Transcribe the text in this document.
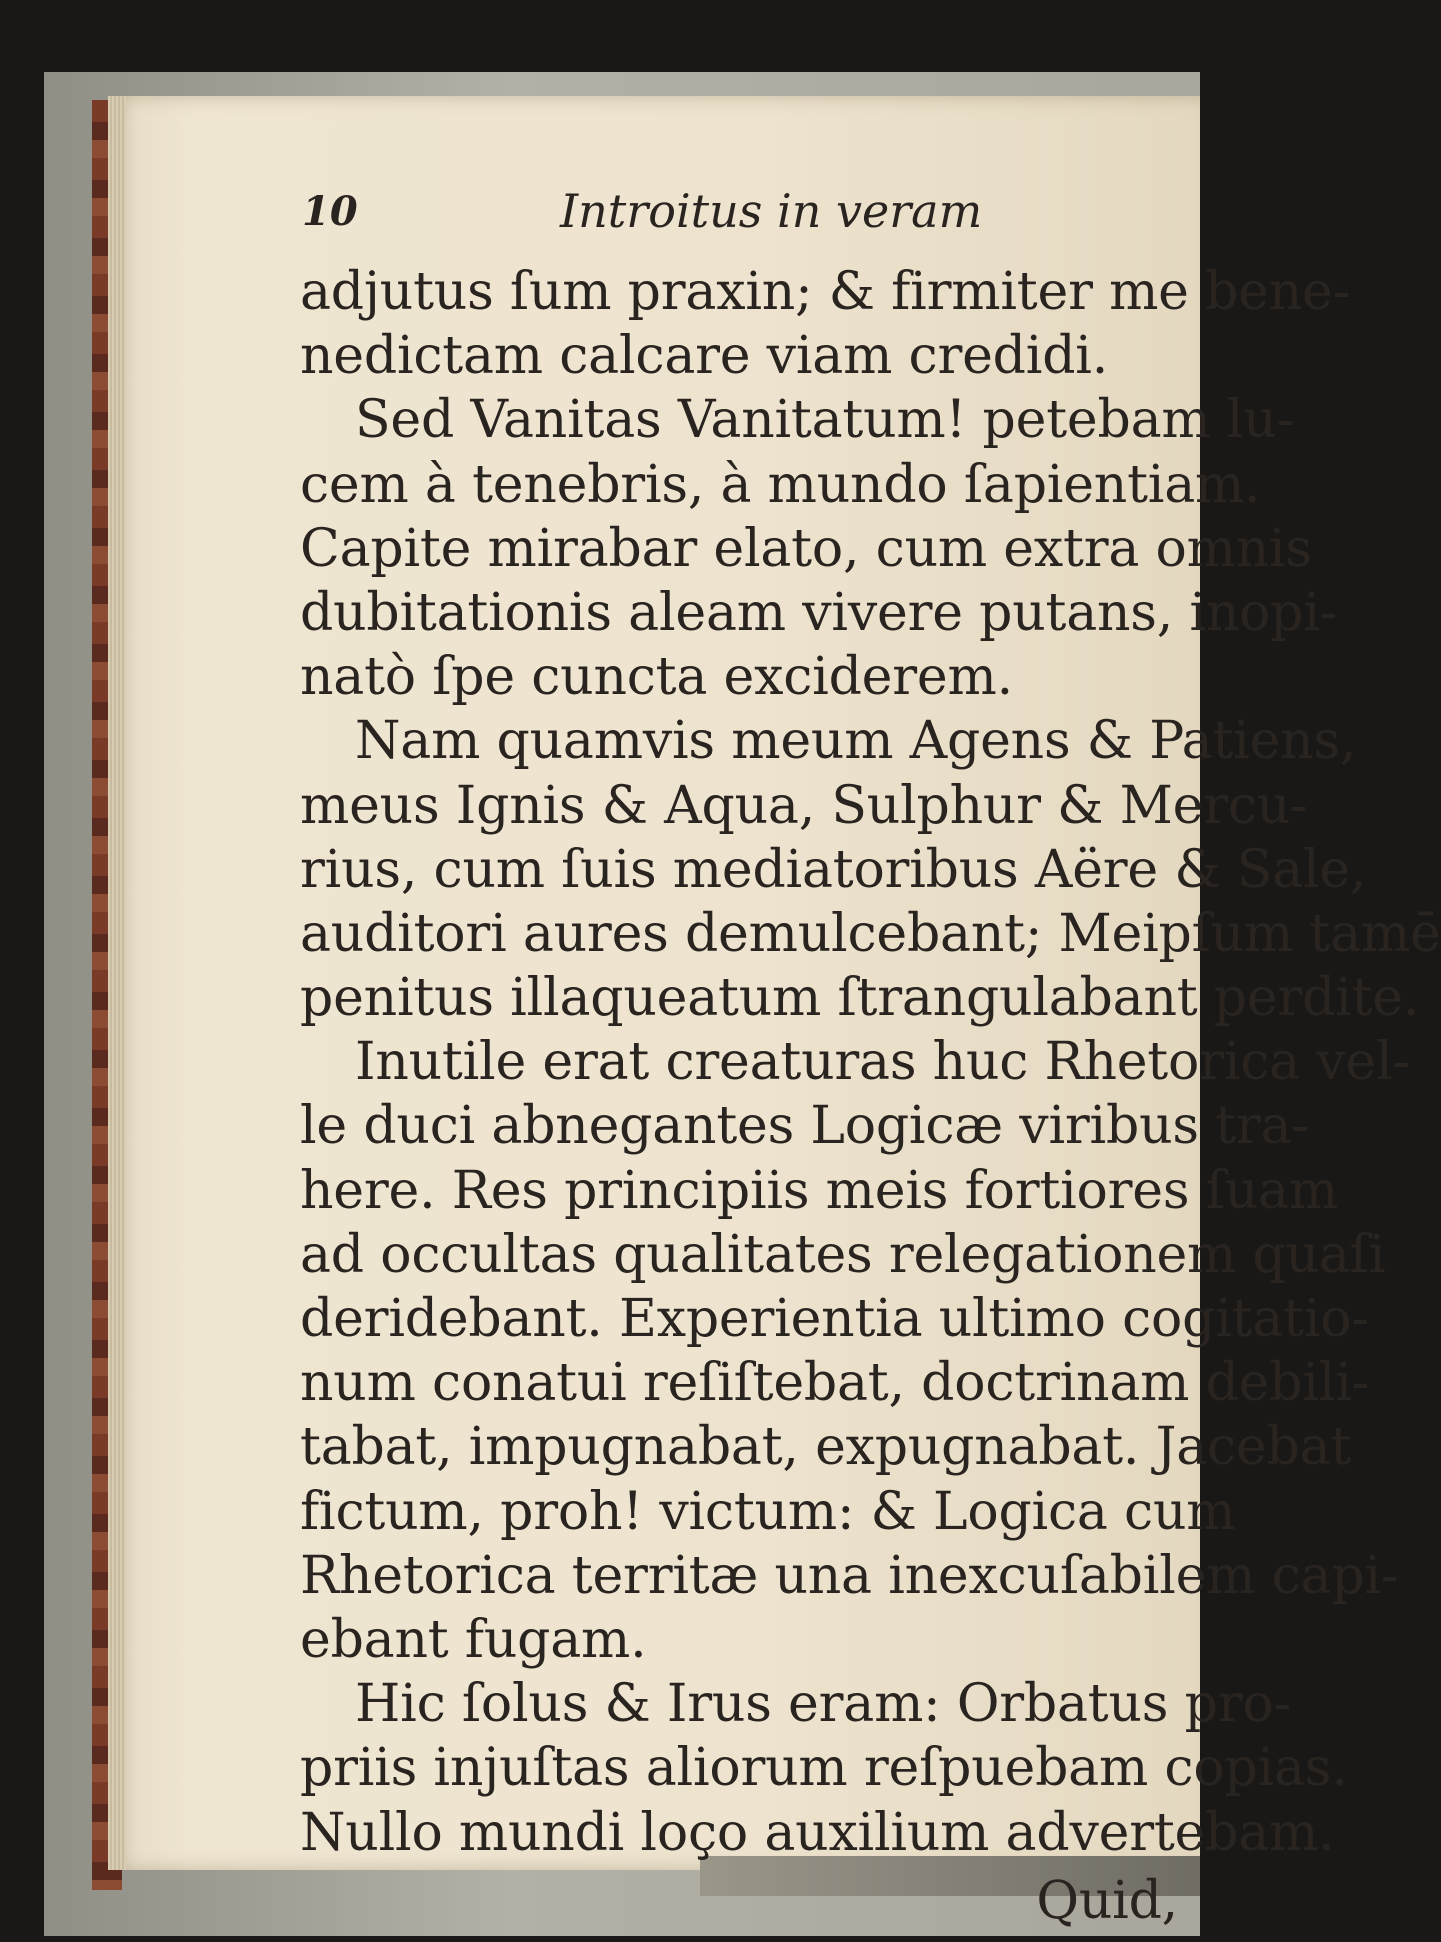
10	Introitus in veram
adjutus ſum praxin; & firmiter me bene-
nedictam calcare viam credidi.
Sed Vanitas Vanitatum! petebam lu-
cem à tenebris, à mundo ſapientiam.
Capite mirabar elato, cum extra omnis
dubitationis aleam vivere putans, inopi-
natò ſpe cuncta exciderem.
Nam quamvis meum Agens & Patiens,
meus Ignis & Aqua, Sulphur & Mercu-
rius, cum ſuis mediatoribus Aëre & Sale,
auditori aures demulcebant; Meipſum tamē
penitus illaqueatum ſtrangulabant perdite.
Inutile erat creaturas huc Rhetorica vel-
le duci abnegantes Logicæ viribus tra-
here. Res principiis meis fortiores ſuam
ad occultas qualitates relegationem quaſi
deridebant. Experientia ultimo cogitatio-
num conatui reſiſtebat, doctrinam debili-
tabat, impugnabat, expugnabat. Jacebat
fictum, proh! victum: & Logica cum
Rhetorica territæ una inexcuſabilem capi-
ebant fugam.
Hic ſolus & Irus eram: Orbatus pro-
priis injuſtas aliorum reſpuebam copias.
Nullo mundi loço auxilium advertebam.
Quid,
